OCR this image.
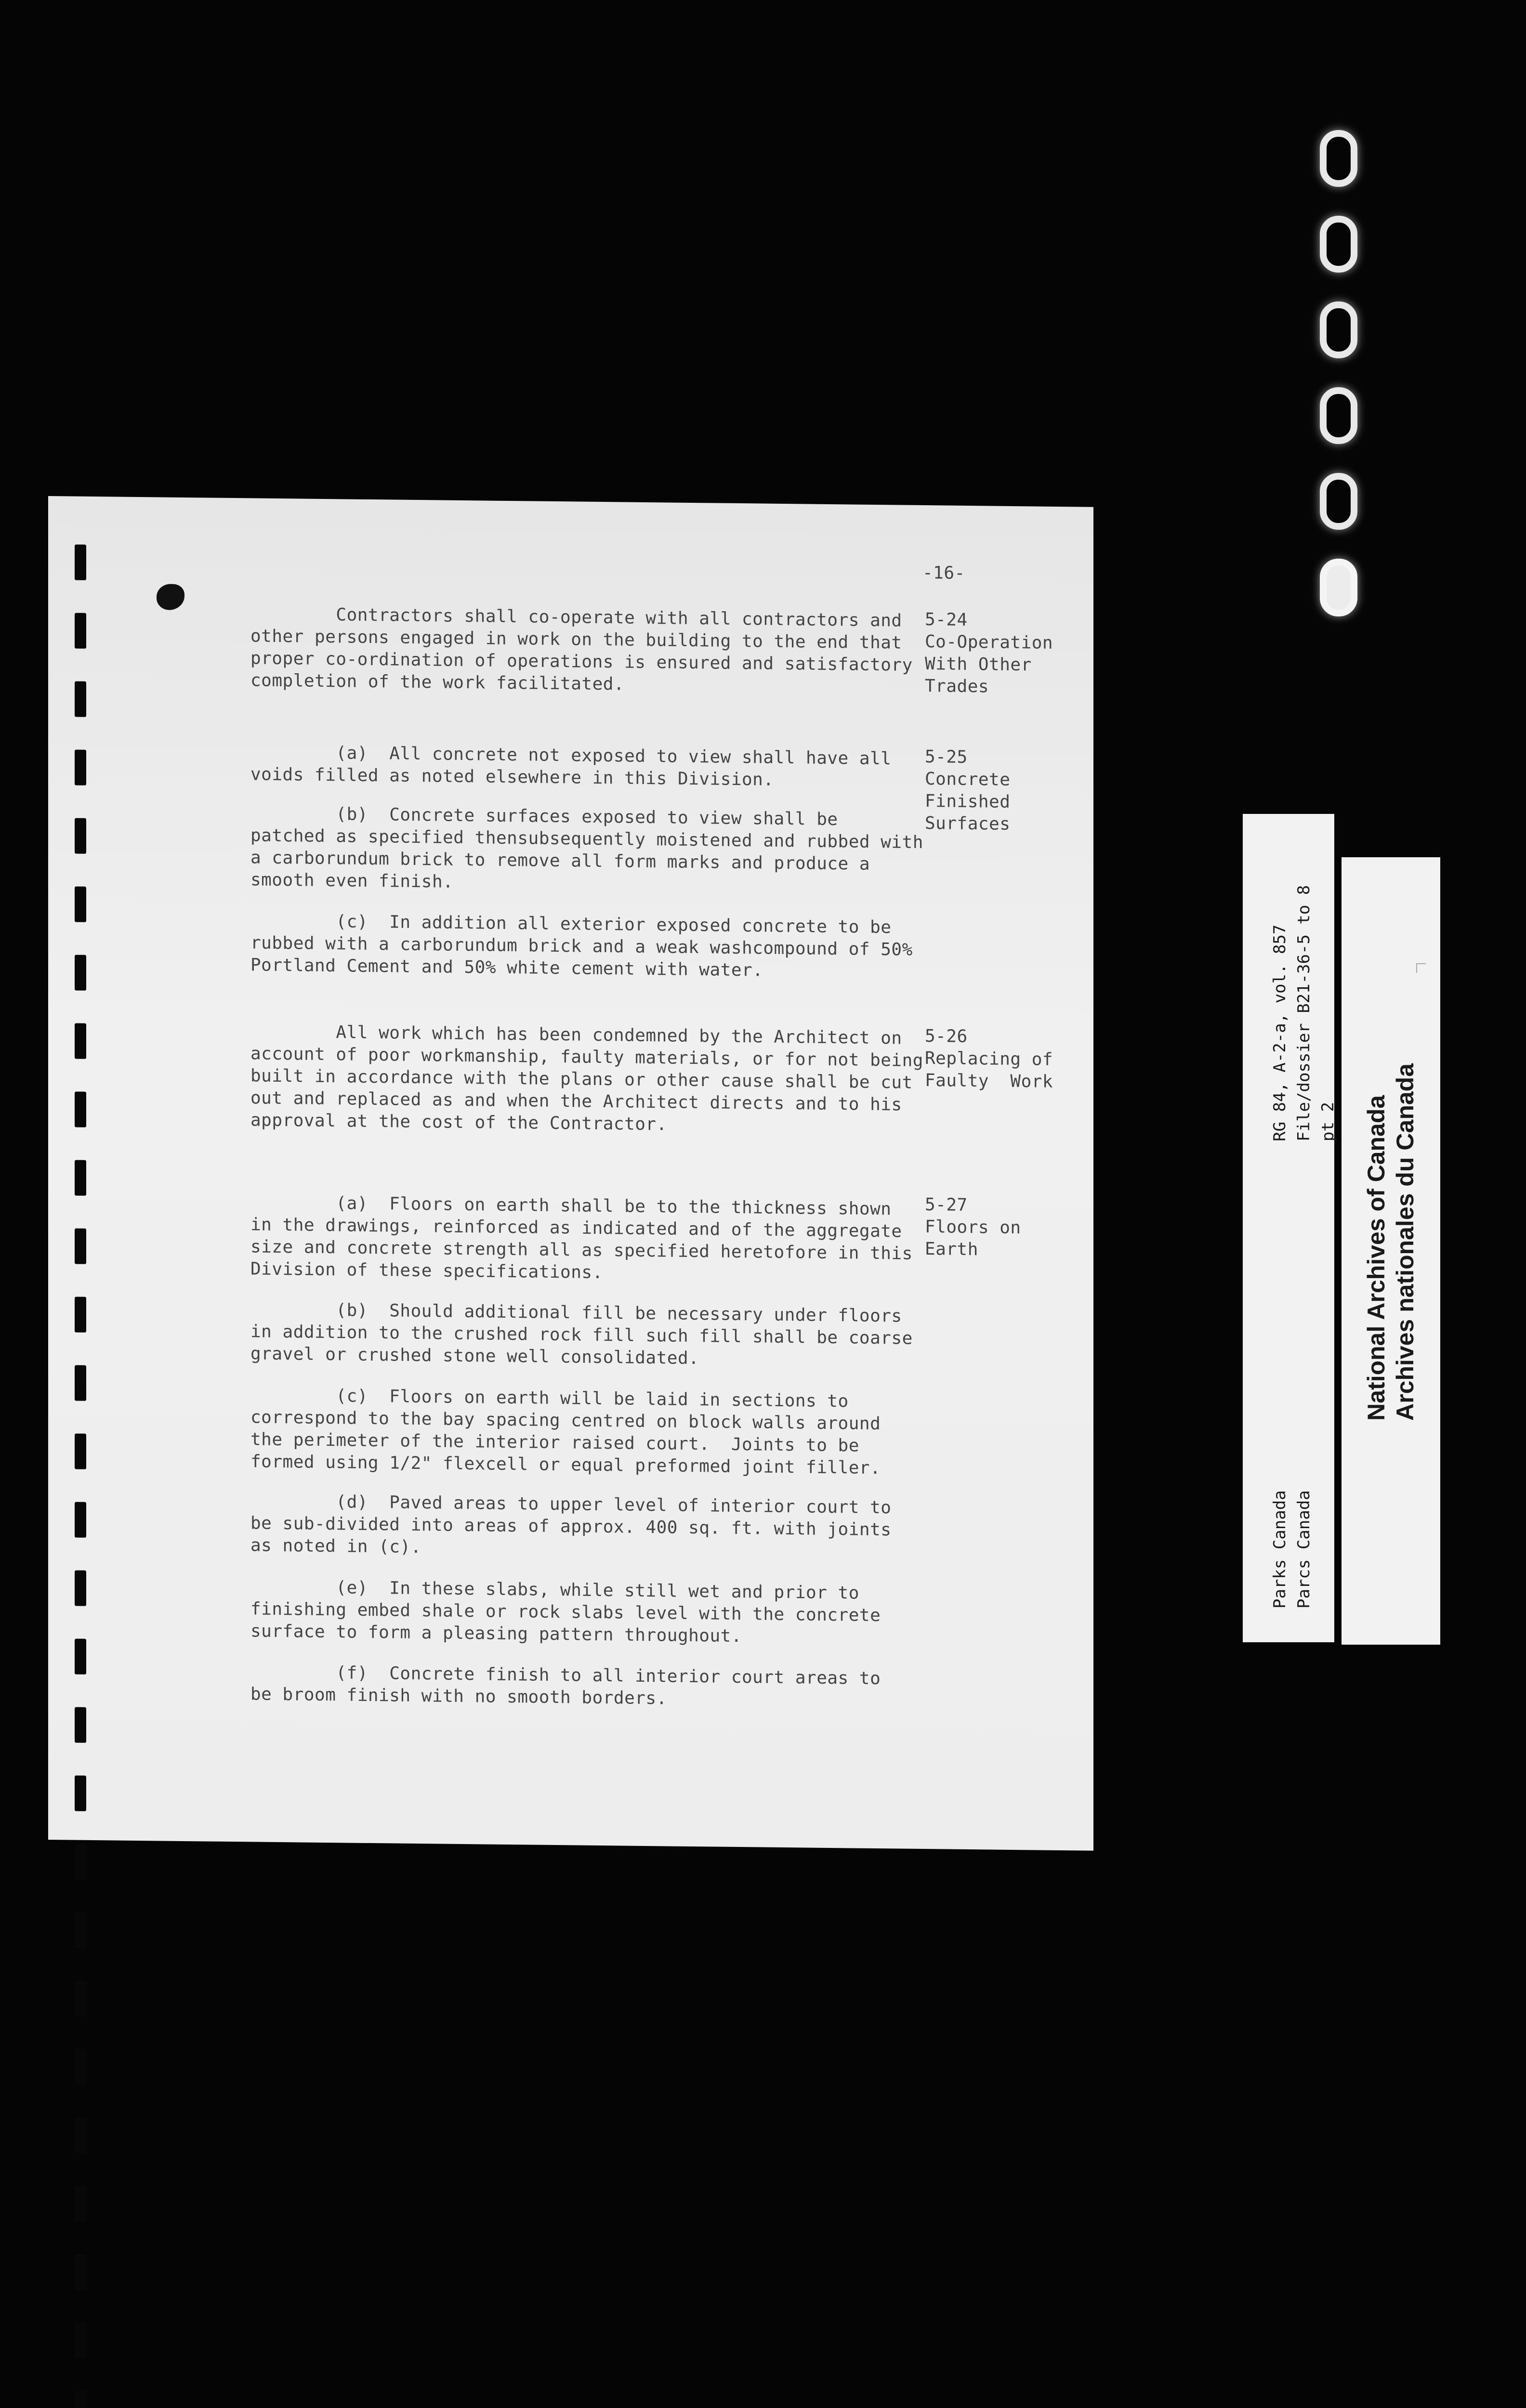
-16-
5-24
Co-Operation
With Other
Trades
Contractors shall co-operate with all contractors and
other persons engaged in work on the building to the end that
proper co-ordination of operations is ensured and satisfactory
completion of the work facilitated.
5-25
Concrete
Finished
Surfaces
(a)  All concrete not exposed to view shall have all
voids filled as noted elsewhere in this Division.
(b)  Concrete surfaces exposed to view shall be
patched as specified thensubsequently moistened and rubbed with
a carborundum brick to remove all form marks and produce a
smooth even finish.
(c)  In addition all exterior exposed concrete to be
rubbed with a carborundum brick and a weak washcompound of 50%
Portland Cement and 50% white cement with water.
5-26
Replacing of
Faulty  Work
All work which has been condemned by the Architect on
account of poor workmanship, faulty materials, or for not being
built in accordance with the plans or other cause shall be cut
out and replaced as and when the Architect directs and to his
approval at the cost of the Contractor.
5-27
Floors on
Earth
(a)  Floors on earth shall be to the thickness shown
in the drawings, reinforced as indicated and of the aggregate
size and concrete strength all as specified heretofore in this
Division of these specifications.
(b)  Should additional fill be necessary under floors
in addition to the crushed rock fill such fill shall be coarse
gravel or crushed stone well consolidated.
(c)  Floors on earth will be laid in sections to
correspond to the bay spacing centred on block walls around
the perimeter of the interior raised court.  Joints to be
formed using 1/2" flexcell or equal preformed joint filler.
(d)  Paved areas to upper level of interior court to
be sub-divided into areas of approx. 400 sq. ft. with joints
as noted in (c).
(e)  In these slabs, while still wet and prior to
finishing embed shale or rock slabs level with the concrete
surface to form a pleasing pattern throughout.
(f)  Concrete finish to all interior court areas to
be broom finish with no smooth borders.
Parks Canada Parcs Canada
RG 84, A-2-a, vol. 857 File/dossier B21-36-5 to 8 pt 2 National Archives of Canada Archives nationales du Canada
